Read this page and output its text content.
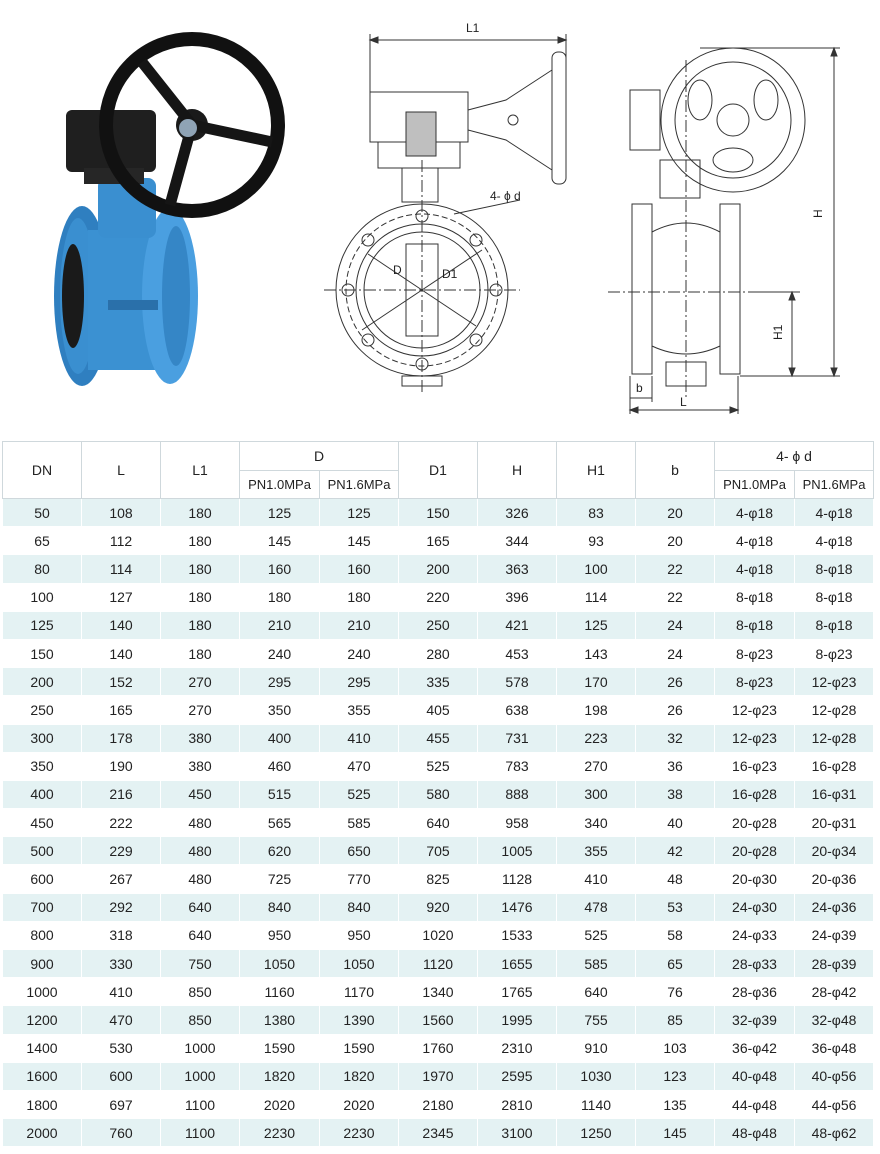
L1
4- ϕ d
D	D1
H
H1
b
L
DN	L	L1	D		D1	H	H1	b	4- ϕ d	
			PN1.0MPa	PN1.6MPa					PN1.0MPa	PN1.6MPa
50	108	180	125	125	150	326	83	20	4-φ18	4-φ18
65	112	180	145	145	165	344	93	20	4-φ18	4-φ18
80	114	180	160	160	200	363	100	22	4-φ18	8-φ18
100	127	180	180	180	220	396	114	22	8-φ18	8-φ18
125	140	180	210	210	250	421	125	24	8-φ18	8-φ18
150	140	180	240	240	280	453	143	24	8-φ23	8-φ23
200	152	270	295	295	335	578	170	26	8-φ23	12-φ23
250	165	270	350	355	405	638	198	26	12-φ23	12-φ28
300	178	380	400	410	455	731	223	32	12-φ23	12-φ28
350	190	380	460	470	525	783	270	36	16-φ23	16-φ28
400	216	450	515	525	580	888	300	38	16-φ28	16-φ31
450	222	480	565	585	640	958	340	40	20-φ28	20-φ31
500	229	480	620	650	705	1005	355	42	20-φ28	20-φ34
600	267	480	725	770	825	1128	410	48	20-φ30	20-φ36
700	292	640	840	840	920	1476	478	53	24-φ30	24-φ36
800	318	640	950	950	1020	1533	525	58	24-φ33	24-φ39
900	330	750	1050	1050	1120	1655	585	65	28-φ33	28-φ39
1000	410	850	1160	1170	1340	1765	640	76	28-φ36	28-φ42
1200	470	850	1380	1390	1560	1995	755	85	32-φ39	32-φ48
1400	530	1000	1590	1590	1760	2310	910	103	36-φ42	36-φ48
1600	600	1000	1820	1820	1970	2595	1030	123	40-φ48	40-φ56
1800	697	1100	2020	2020	2180	2810	1140	135	44-φ48	44-φ56
2000	760	1100	2230	2230	2345	3100	1250	145	48-φ48	48-φ62
